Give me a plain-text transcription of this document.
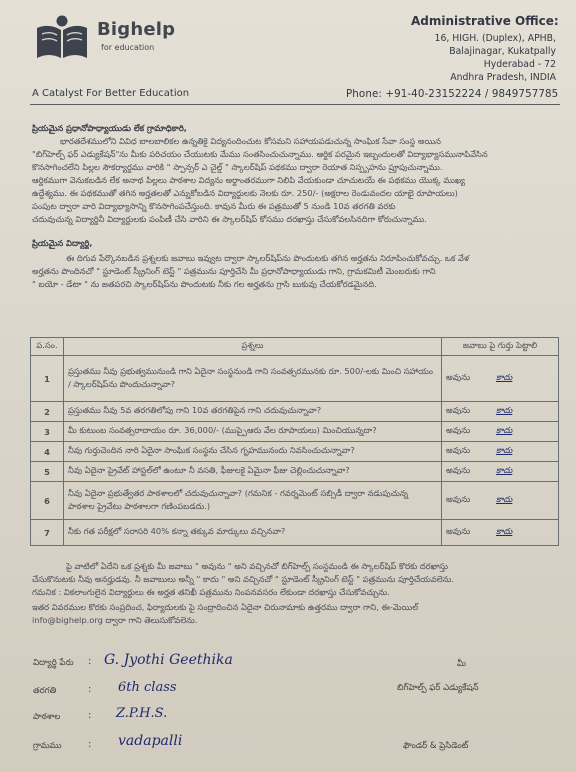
Bighelp
for education
A Catalyst For Better Education
Administrative Office:
16, HIGH. (Duplex), APHB,
Balajinagar, Kukatpally
Hyderabad - 72
Andhra Pradesh, INDIA
Phone: +91-40-23152224 / 9849757785
ప్రియమైన ప్రధానోపాధ్యాయుడు లేక గ్రామాధికారి,
భారతదేశములోని వివిధ బాలబాలికల ఉన్నతికై విద్యనందించుట కోసమని సహాయపడుచున్న సాంఘిక సేవా సంస్థ అయిన
"బిగ్‌హెల్ప్ ఫర్ ఎడ్యుకేషన్"ను మీకు పరిచయం చేయుటకు మేము సంతసించుచున్నాము. ఆర్థిక పరమైన ఇబ్బందులతో విద్యాభ్యాసమునాపివేసిన
కొనసాగించలేని పిల్లల సౌకర్యార్థము వారికి " స్పాన్సర్ ఎ చైల్డ్ " స్కాలర్‌షిప్ పథకము ద్వారా రెయాత నిస్పృహను ప్రూపుచున్నాము.
ఆర్థికముగా వెనుకబడిన లేక అనాథ పిల్లలు పాఠశాల విద్యను అర్థాంతరముగా నిలిపి వేయకుండా చూచుటయే ఈ పథకము యొక్క ముఖ్య
ఉద్దేశ్యము. ఈ పథకముతో తగిన అర్హతలతో ఎన్నుకోబడిన విద్యార్థులకు నెలకు రూ. 250/- (అక్షరాల రెండువందల యాభై రూపాయలు)
పంపుట ద్వారా వారి విద్యాభ్యాసాన్ని కొనసాగింపచేస్తుంది. కావున మీరు ఈ పత్రముతో 5 నుండి 10వ తరగతి వరకు
చదువుచున్న విద్యార్థినీ విద్యార్థులకు పంపిణీ చేసి వారిని ఈ స్కాలర్‌షిప్ కోసము దరఖాస్తు చేసుకోవలసినదిగా కోరుచున్నాము.
ప్రియమైన విద్యార్థి,
ఈ దిగువ పేర్కొనబడిన ప్రశ్నలకు జవాబు ఇవ్వుట ద్వారా స్కాలర్‌షిప్‌ను పొందుటకు తగిన అర్హతను నిరూపించుకోవచ్చు. ఒక వేళ
అర్హతను పొందినచో " స్టూడెంట్ స్క్రీనింగ్ టెస్ట్ " పత్రమును పూర్తిచేసి మీ ప్రధానోపాధ్యాయుడు గాని, గ్రామకమిటీ మెంబరుకు గాని
" బయో - డేటా " ను జతపరచి స్కాలర్‌షిప్‌ను పొందుటకు నీకు గల అర్హతను గ్రాసి బుకువు చేయకోరడమైనది.
ప.సం.	ప్రశ్నలు	జవాబు పై గుర్తు పెట్టాలి
1	ప్రస్తుతము నీవు ప్రభుత్వమునుండి గాని ఏదైనా సంస్థనుండి గాని సంవత్సరమునకు రూ. 500/-లకు మించి సహాయం / స్కాలర్‌షిప్‌ను పొందుచున్నావా?	అవును కాదు
2	ప్రస్తుతము నీవు 5వ తరగతిలోపు గాని 10వ తరగతిపైన గాని చదువుచున్నావా?	అవును కాదు
3	మీ కుటుంబ సంవత్సరాదాయం రూ. 36,000/- (ముప్పైఆరు వేల రూపాయలు) మించియున్నదా?	అవును కాదు
4	నీవు గుర్తుచెందిన నారి ఏదైనా సాంఘిక సంస్థను చేసిన గృహమునందు నివసించుచున్నావా?	అవును కాదు
5	నీవు ఏదైనా ప్రైవేట్ హాస్టల్‌లో ఉంటూ నీ వసతి, ఫీజులకై ఏమైనా ఫీజు చెల్లించుచున్నావా?	అవును కాదు
6	నీవు ఏదైనా ప్రభుత్వేతర పాఠశాలలో చదువుచున్నావా? (గమనిక - గవర్నమెంట్ సబ్సిడీ ద్వారా నడుపుచున్న పాఠశాల ప్రైవేటు పాఠశాలగా గణింపబడదు.)	అవును కాదు
7	నీకు గత పరీక్షలో సరాసరి 40% కన్నా తక్కువ మార్కులు వచ్చినవా?	అవును కాదు
పై వాటిలో ఏదేని ఒక ప్రశ్నకు మీ జవాబు " అవును " అని వచ్చినచో బిగ్‌హెల్ప్ సంస్థమండి ఈ స్కాలర్‌షిప్ కొరకు దరఖాస్తు
చేసుకొనుటకు నీవు అనర్హుడవు. నీ జవాబులు అన్నీ " కాదు " అని వచ్చినచో " స్టూడెంట్ స్క్రీనింగ్ టెస్ట్ " పత్రమును పూర్తిచేయవలెను.
గమనిక : వికలాంగులైన విద్యార్థులు ఈ అర్హత తనిఖీ పత్రమును నింపనవసరం లేకుండా దరఖాస్తు చేసుకోవచ్చును.
ఇతర వివరముల కొరకు సంప్రదించ, ఫిర్యాదులకు పై సంద్రాదించిన ఏదైనా చిరునామాకు ఉత్తరము ద్వారా గాని, ఈ-మెయిల్
info@bighelp.org ద్వారా గాని తెలుసుకోవలెను.
విద్యార్థి పేరు : G. Jyothi Geethika
తరగతి	: 6th class
పాఠశాల	: Z.P.H.S.
గ్రామము	: vadapalli
మీ
బిగ్‌హెల్ప్ ఫర్ ఎడ్యుకేషన్
ఫౌండర్ & ప్రెసిడెంట్
